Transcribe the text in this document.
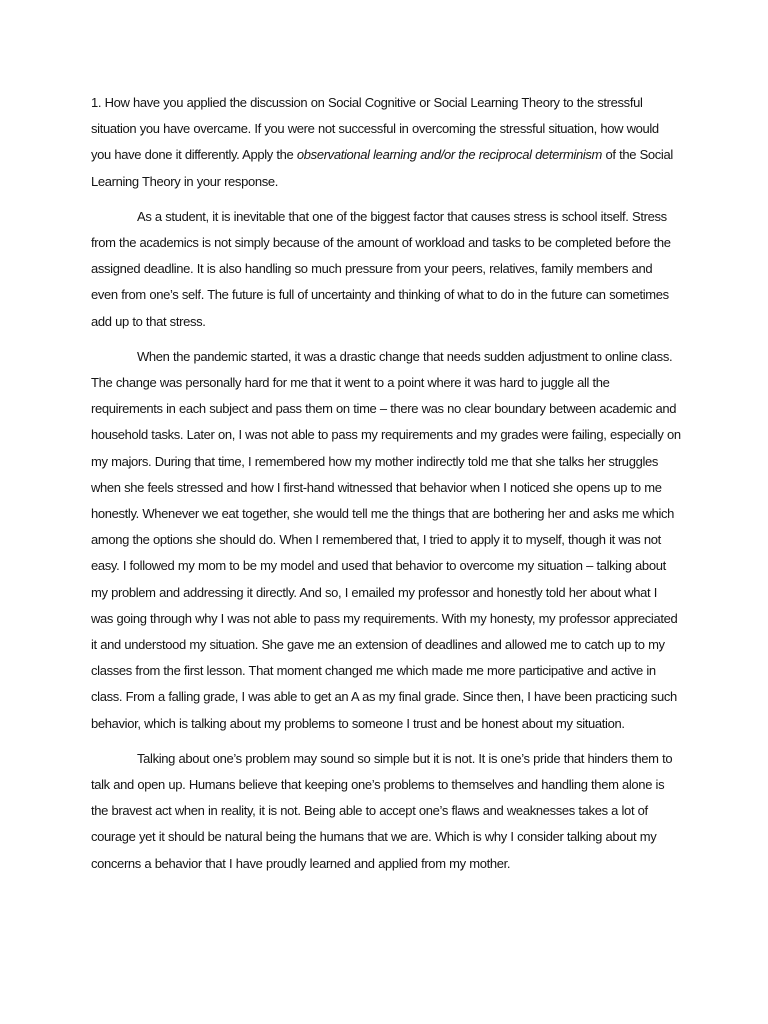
1. How have you applied the discussion on Social Cognitive or Social Learning Theory to the stressful situation you have overcame. If you were not successful in overcoming the stressful situation, how would you have done it differently. Apply the observational learning and/or the reciprocal determinism of the Social Learning Theory in your response.

As a student, it is inevitable that one of the biggest factor that causes stress is school itself. Stress from the academics is not simply because of the amount of workload and tasks to be completed before the assigned deadline. It is also handling so much pressure from your peers, relatives, family members and even from one’s self. The future is full of uncertainty and thinking of what to do in the future can sometimes add up to that stress.

When the pandemic started, it was a drastic change that needs sudden adjustment to online class. The change was personally hard for me that it went to a point where it was hard to juggle all the requirements in each subject and pass them on time – there was no clear boundary between academic and household tasks. Later on, I was not able to pass my requirements and my grades were failing, especially on my majors. During that time, I remembered how my mother indirectly told me that she talks her struggles when she feels stressed and how I first-hand witnessed that behavior when I noticed she opens up to me honestly. Whenever we eat together, she would tell me the things that are bothering her and asks me which among the options she should do. When I remembered that, I tried to apply it to myself, though it was not easy. I followed my mom to be my model and used that behavior to overcome my situation – talking about my problem and addressing it directly. And so, I emailed my professor and honestly told her about what I was going through why I was not able to pass my requirements. With my honesty, my professor appreciated it and understood my situation. She gave me an extension of deadlines and allowed me to catch up to my classes from the first lesson. That moment changed me which made me more participative and active in class. From a falling grade, I was able to get an A as my final grade. Since then, I have been practicing such behavior, which is talking about my problems to someone I trust and be honest about my situation.

Talking about one’s problem may sound so simple but it is not. It is one’s pride that hinders them to talk and open up. Humans believe that keeping one’s problems to themselves and handling them alone is the bravest act when in reality, it is not. Being able to accept one’s flaws and weaknesses takes a lot of courage yet it should be natural being the humans that we are. Which is why I consider talking about my concerns a behavior that I have proudly learned and applied from my mother.
